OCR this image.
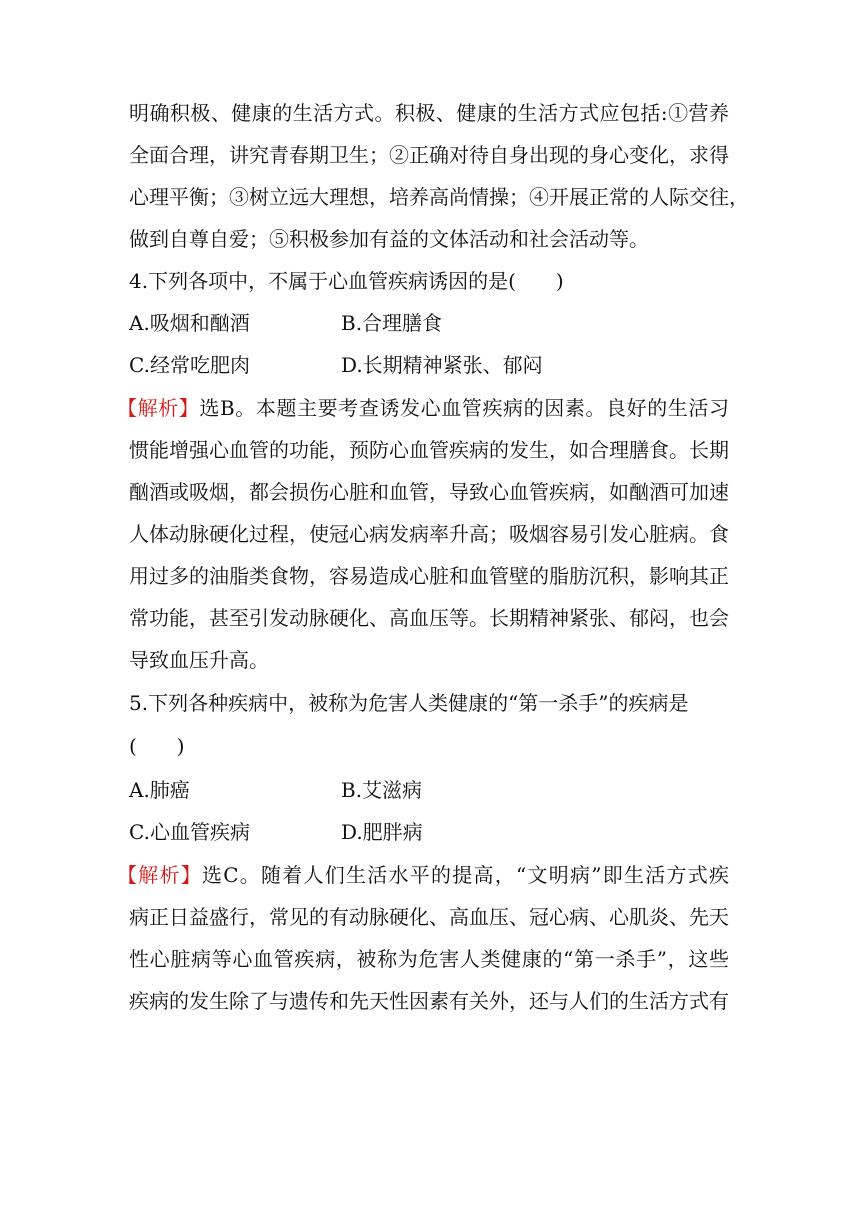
明确积极、健康的生活方式。积极、健康的生活方式应包括:①营养
全面合理，讲究青春期卫生；②正确对待自身出现的身心变化，求得
心理平衡；③树立远大理想，培养高尚情操；④开展正常的人际交往，
做到自尊自爱；⑤积极参加有益的文体活动和社会活动等。
4.下列各项中，不属于心血管疾病诱因的是(　　)
A.吸烟和酗酒	B.合理膳食
C.经常吃肥肉	D.长期精神紧张、郁闷
【解析】选B。本题主要考查诱发心血管疾病的因素。良好的生活习
惯能增强心血管的功能，预防心血管疾病的发生，如合理膳食。长期
酗酒或吸烟，都会损伤心脏和血管，导致心血管疾病，如酗酒可加速
人体动脉硬化过程，使冠心病发病率升高；吸烟容易引发心脏病。食
用过多的油脂类食物，容易造成心脏和血管壁的脂肪沉积，影响其正
常功能，甚至引发动脉硬化、高血压等。长期精神紧张、郁闷，也会
导致血压升高。
5.下列各种疾病中，被称为危害人类健康的“第一杀手”的疾病是
(　　)
A.肺癌	B.艾滋病
C.心血管疾病	D.肥胖病
【解析】选C。随着人们生活水平的提高，“文明病”即生活方式疾
病正日益盛行，常见的有动脉硬化、高血压、冠心病、心肌炎、先天
性心脏病等心血管疾病，被称为危害人类健康的“第一杀手”，这些
疾病的发生除了与遗传和先天性因素有关外，还与人们的生活方式有
